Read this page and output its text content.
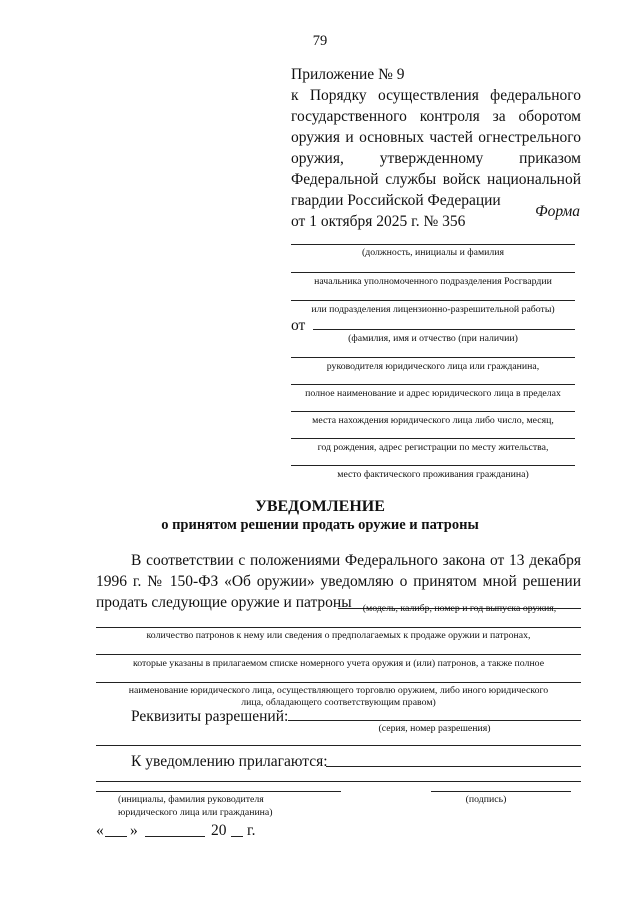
79
Приложение № 9
к Порядку осуществления федерального
государственного контроля за оборотом
оружия и основных частей огнестрельного
оружия, утвержденному приказом
Федеральной службы войск национальной
гвардии Российской Федерации
от 1 октября 2025 г. № 356
Форма
(должность, инициалы и фамилия
начальника уполномоченного подразделения Росгвардии
или подразделения лицензионно-разрешительной работы)
от
(фамилия, имя и отчество (при наличии)
руководителя юридического лица или гражданина,
полное наименование и адрес юридического лица в пределах
места нахождения юридического лица либо число, месяц,
год рождения, адрес регистрации по месту жительства,
место фактического проживания гражданина)
УВЕДОМЛЕНИЕ
о принятом решении продать оружие и патроны
В соответствии с положениями Федерального закона от 13 декабря
1996 г. № 150-ФЗ «Об оружии» уведомляю о принятом мной решении
продать следующие оружие и патроны	(модель, калибр, номер и год выпуска оружия,
количество патронов к нему или сведения о предполагаемых к продаже оружии и патронах,
которые указаны в прилагаемом списке номерного учета оружия и (или) патронов, а также полное
наименование юридического лица, осуществляющего торговлю оружием, либо иного юридического
лица, обладающего соответствующим правом)
Реквизиты разрешений:
(серия, номер разрешения)
К уведомлению прилагаются:
(инициалы, фамилия руководителя
юридического лица или гражданина)
(подпись)
« »	20 г.
